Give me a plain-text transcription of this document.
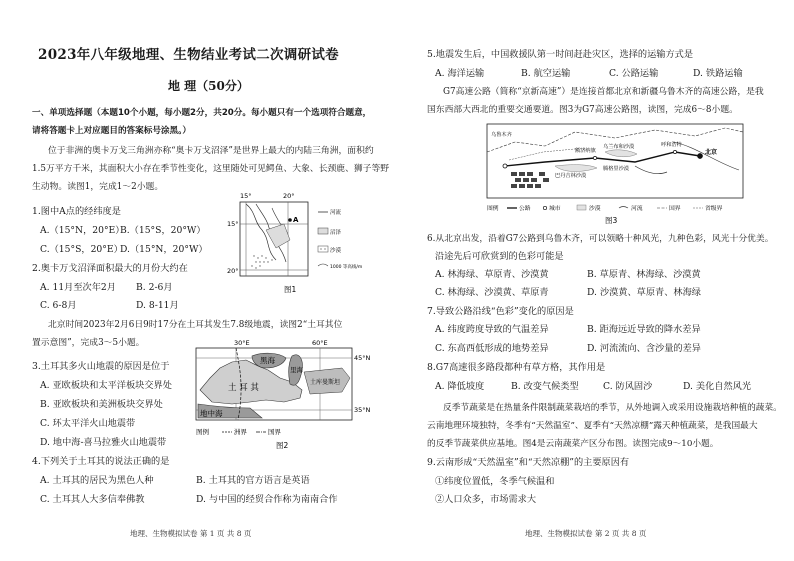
2023年八年级地理、生物结业考试二次调研试卷
地 理（50分）
一、单项选择题（本题10个小题，每小题2分，共20分。每小题只有一个选项符合题意，
请将答题卡上对应题目的答案标号涂黑。）
位于非洲的奥卡万戈三角洲亦称“奥卡万戈沼泽”是世界上最大的内陆三角洲，面积约
1.5万平方千米，其面积大小存在季节性变化，这里随处可见鳄鱼、大象、长颈鹿、狮子等野
生动物。读图1，完成1～2小题。
1.图中A点的经纬度是
A.（15°N，20°E）
B.（15°S，20°W）
C.（15°S，20°E）
D.（15°N，20°W）
2.奥卡万戈沼泽面积最大的月份大约在
A. 11月至次年2月 B. 2-6月
C. 6-8月	D. 8-11月
15°	20°
15°
20°
A
河流
沼泽
沙漠
1000 等高线/m
图1
北京时间2023年2月6日9时17分在土耳其发生7.8级地震，读图2“土耳其位
置示意图”，完成3～5小题。	30°E	60°E
45°N
35°N
黑海
里海
地中海
土 耳 其
土库曼斯坦
图例	洲界	国界
图2
3.土耳其多火山地震的原因是位于
A. 亚欧板块和太平洋板块交界处
B. 亚欧板块和美洲板块交界处
C. 环太平洋火山地震带
D. 地中海-喜马拉雅火山地震带
4.下列关于土耳其的说法正确的是
A. 土耳其的居民为黑色人种	B. 土耳其的官方语言是英语
C. 土耳其人大多信奉佛教	D. 与中国的经贸合作称为南南合作
地理、生物模拟试卷 第 1 页 共 8 页
5.地震发生后，中国救援队第一时间赶赴灾区，选择的运输方式是
A. 海洋运输	B. 航空运输	C. 公路运输	D. 铁路运输
G7高速公路（简称“京新高速”）是连接首都北京和新疆乌鲁木齐的高速公路，是我
国东西部大西北的重要交通要道。图3为G7高速公路图，读图，完成6～8小题。
乌鲁木齐
额济纳旗
巴丹吉林沙漠
乌兰布和沙漠
北京
呼和浩特
腾格里沙漠
图例	公路	城市	沙漠	河流	国界	省级界
图3
6.从北京出发，沿着G7公路到乌鲁木齐，可以领略十种风光，九种色彩，风光十分优美。
沿途先后可欣赏到的色彩可能是
A. 林海绿、草原青、沙漠黄	B. 草原青、林海绿、沙漠黄
C. 林海绿、沙漠黄、草原青	D. 沙漠黄、草原青、林海绿
7.导致公路沿线“色彩”变化的原因是
A. 纬度跨度导致的气温差异	B. 距海远近导致的降水差异
C. 东高西低形成的地势差异	D. 河流流向、含沙量的差异
8.G7高速很多路段都种有草方格，其作用是
A. 降低坡度	B. 改变气候类型	C. 防风固沙	D. 美化自然风光
反季节蔬菜是在热量条件限制蔬菜栽培的季节，从外地调入或采用设施栽培种植的蔬菜。
云南地理环境独特，冬季有“天然温室”、夏季有“天然凉棚”露天种植蔬菜，是我国最大
的反季节蔬菜供应基地。图4是云南蔬菜产区分布图。读图完成9～10小题。
9.云南形成“天然温室”和“天然凉棚”的主要原因有
①纬度位置低，冬季气候温和
②人口众多，市场需求大
地理、生物模拟试卷 第 2 页 共 8 页
